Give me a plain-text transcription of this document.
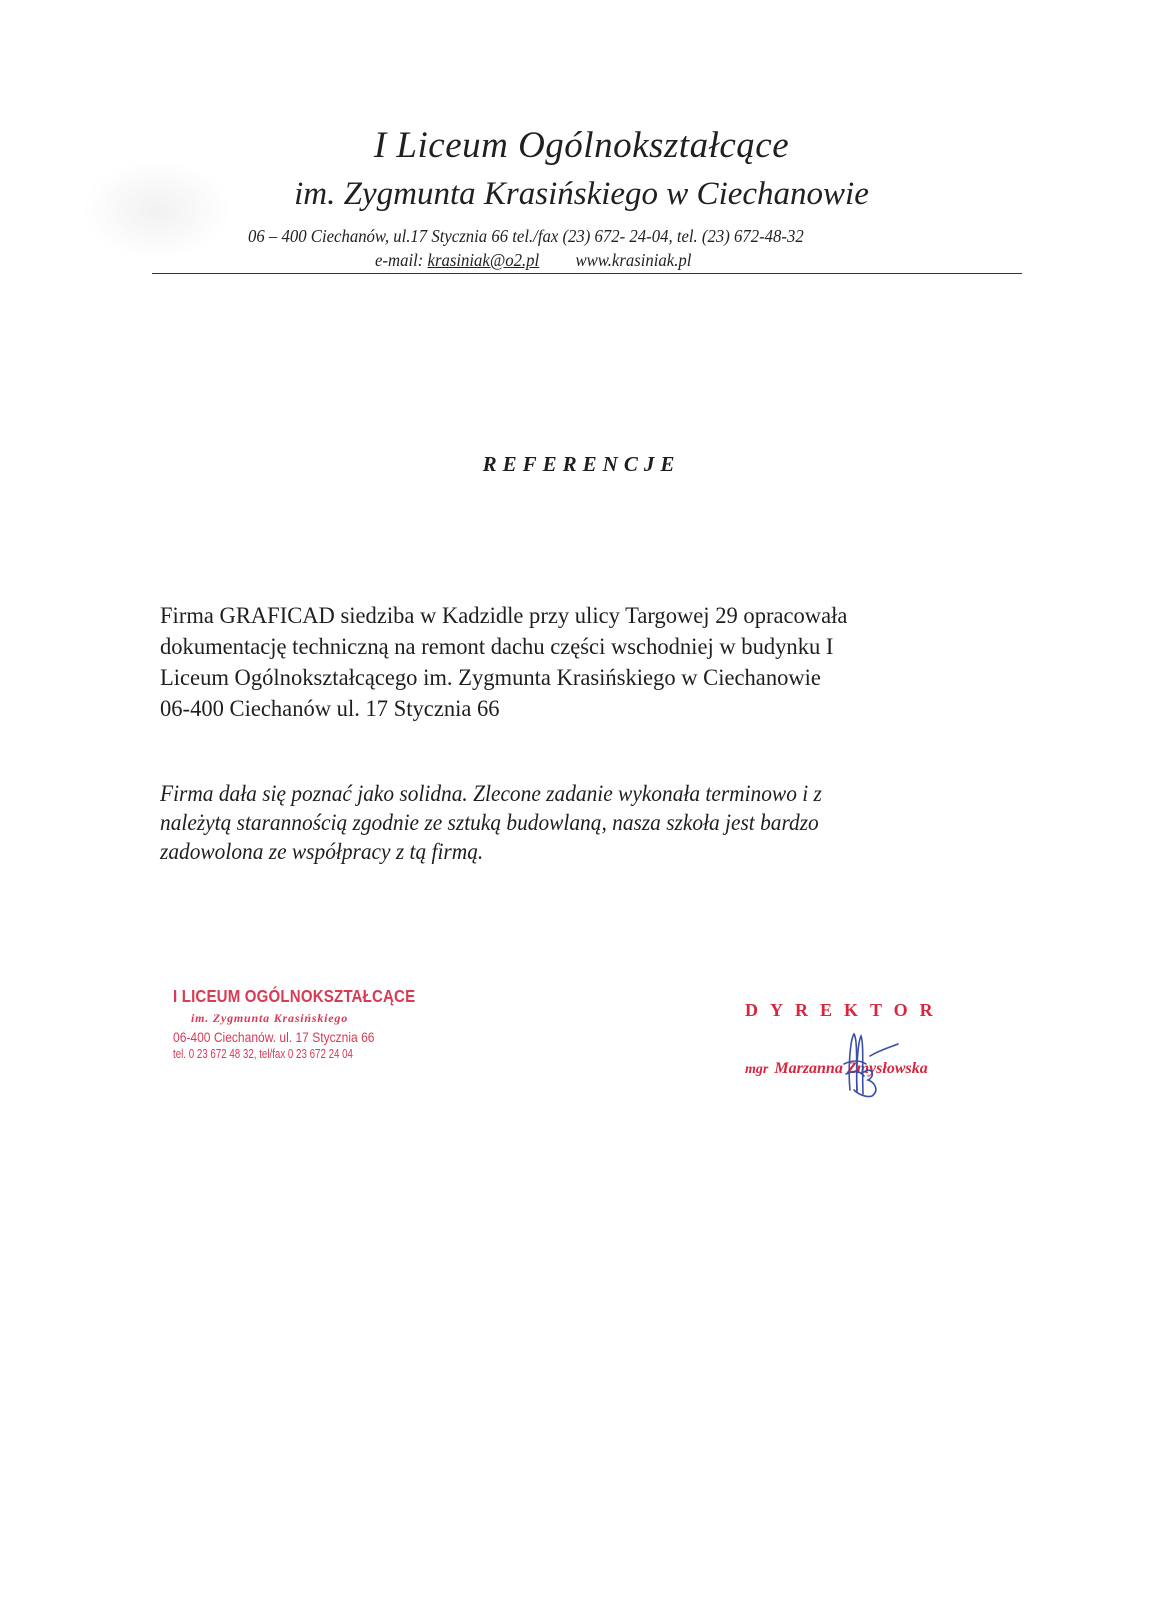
I Liceum Ogólnokształcące
im. Zygmunta Krasińskiego w Ciechanowie
06 – 400 Ciechanów, ul.17 Stycznia 66 tel./fax (23) 672- 24-04, tel. (23) 672-48-32
e-mail: krasiniak@o2.pl www.krasiniak.pl
REFERENCJE
Firma GRAFICAD siedziba w Kadzidle przy ulicy Targowej 29 opracowała
dokumentację techniczną na remont dachu części wschodniej w budynku I
Liceum Ogólnokształcącego im. Zygmunta Krasińskiego w Ciechanowie
06-400 Ciechanów ul. 17 Stycznia 66
Firma dała się poznać jako solidna. Zlecone zadanie wykonała terminowo i z
należytą starannością zgodnie ze sztuką budowlaną, nasza szkoła jest bardzo
zadowolona ze współpracy z tą firmą.
I LICEUM OGÓLNOKSZTAŁCĄCE
im. Zygmunta Krasińskiego
06-400 Ciechanów. ul. 17 Stycznia 66
tel. 0 23 672 48 32, tel/fax 0 23 672 24 04
DYREKTOR
mgr Marzanna Zmysłowska
